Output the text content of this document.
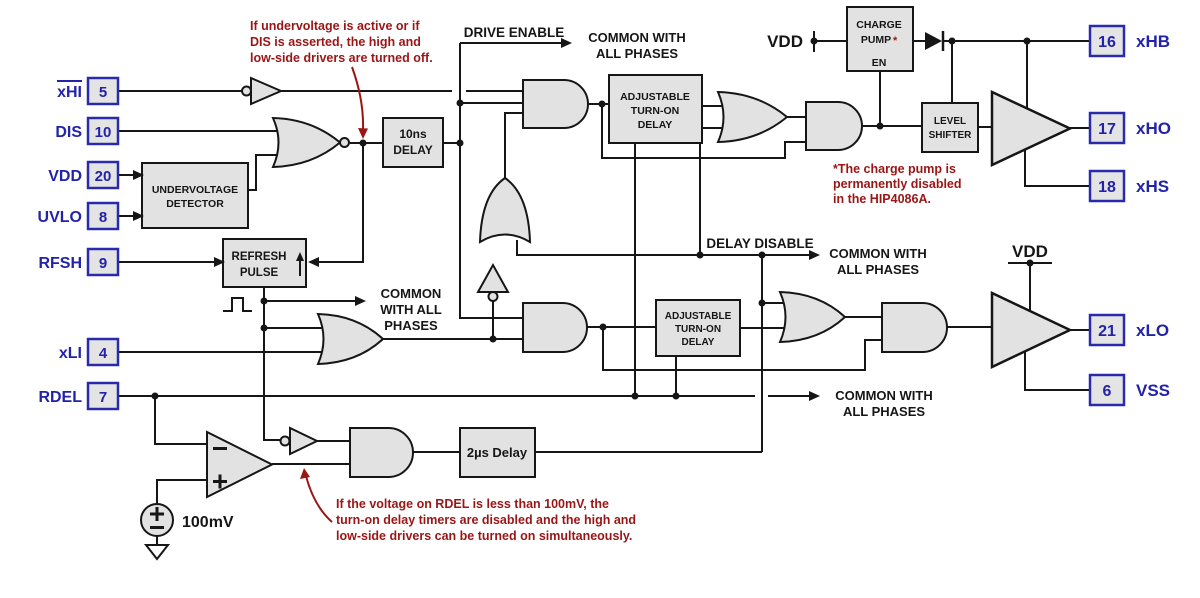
UNDERVOLTAGE
DETECTOR
10ns
DELAY
REFRESH
PULSE
CHARGE
PUMP *
EN
ADJUSTABLE
TURN-ON
DELAY
ADJUSTABLE
TURN-ON
DELAY
LEVEL
SHIFTER
2µs Delay
xHI 5
DIS 10
VDD 20
UVLO 8
RFSH 9
xLI 4
RDEL 7
16 xHB
17 xHO
18 xHS
21 xLO
6 VSS
DRIVE ENABLE COMMON WITH
ALL PHASES
COMMON
WITH ALL
PHASES
DELAY DISABLE
COMMON WITH
ALL PHASES
COMMON WITH
ALL PHASES
VDD
VDD
100mV
If undervoltage is active or if
DIS is asserted, the high and
low-side drivers are turned off.
*The charge pump is
permanently disabled
in the HIP4086A.
If the voltage on RDEL is less than 100mV, the
turn-on delay timers are disabled and the high and
low-side drivers can be turned on simultaneously.
